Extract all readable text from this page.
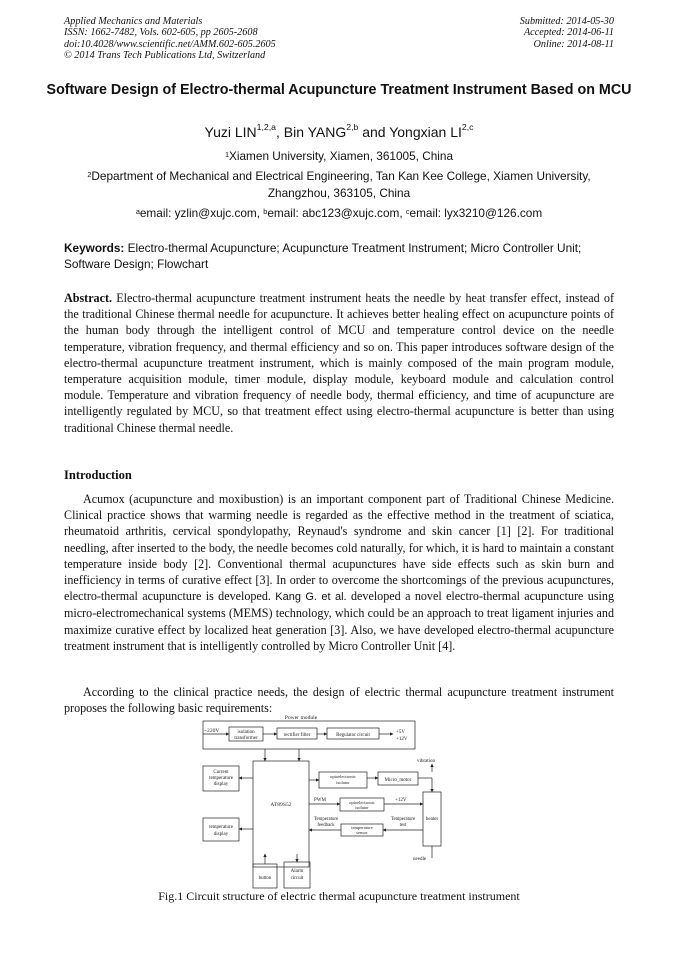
Applied Mechanics and Materials
ISSN: 1662-7482, Vols. 602-605, pp 2605-2608
doi:10.4028/www.scientific.net/AMM.602-605.2605
© 2014 Trans Tech Publications Ltd, Switzerland
Submitted: 2014-05-30
Accepted: 2014-06-11
Online: 2014-08-11
Software Design of Electro-thermal Acupuncture Treatment Instrument Based on MCU
Yuzi LIN$^{1,2,a}$, Bin YANG$^{2,b}$ and Yongxian LI$^{2,c}$
$^1$Xiamen University, Xiamen, 361005, China
$^2$Department of Mechanical and Electrical Engineering, Tan Kan Kee College, Xiamen University, Zhangzhou, 363105, China
$^a$email: yzlin@xujc.com, $^b$email: abc123@xujc.com, $^c$email: lyx3210@126.com
Keywords: Electro-thermal Acupuncture; Acupuncture Treatment Instrument; Micro Controller Unit; Software Design; Flowchart
Abstract. Electro-thermal acupuncture treatment instrument heats the needle by heat transfer effect, instead of the traditional Chinese thermal needle for acupuncture. It achieves better healing effect on acupuncture points of the human body through the intelligent control of MCU and temperature control device on the needle temperature, vibration frequency, and thermal efficiency and so on. This paper introduces software design of the electro-thermal acupuncture treatment instrument, which is mainly composed of the main program module, temperature acquisition module, timer module, display module, keyboard module and calculation control module. Temperature and vibration frequency of needle body, thermal efficiency, and time of acupuncture are intelligently regulated by MCU, so that treatment effect using electro-thermal acupuncture is better than using traditional Chinese thermal needle.
Introduction
Acumox (acupuncture and moxibustion) is an important component part of Traditional Chinese Medicine. Clinical practice shows that warming needle is regarded as the effective method in the treatment of sciatica, rheumatoid arthritis, cervical spondylopathy, Reynaud's syndrome and skin cancer [1] [2]. For traditional needling, after inserted to the body, the needle becomes cold naturally, for which, it is hard to maintain a constant temperature inside body [2]. Conventional thermal acupunctures have side effects such as skin burn and inefficiency in terms of curative effect [3]. In order to overcome the shortcomings of the previous acupunctures, electro-thermal acupuncture is developed. Kang G. et al. developed a novel electro-thermal acupuncture using micro-electromechanical systems (MEMS) technology, which could be an approach to treat ligament injuries and maximize curative effect by localized heat generation [3]. Also, we have developed electro-thermal acupuncture treatment instrument that is intelligently controlled by Micro Controller Unit [4].
According to the clinical practice needs, the design of electric thermal acupuncture treatment instrument proposes the following basic requirements:
Power module
~220V	isolation
transformer
rectifier filter	Regulator circuit
+5V
+12V
Current
temperature
display
AT89S52
optoelectronic
isolator	Micro_motor
vibration
PWM	+12V
optoelectronic
isolator
heater
temperature
display
Temperature
feedback	temperature
sensor
Temperature
test
needle
button
Alarm
circuit
Fig.1 Circuit structure of electric thermal acupuncture treatment instrument
